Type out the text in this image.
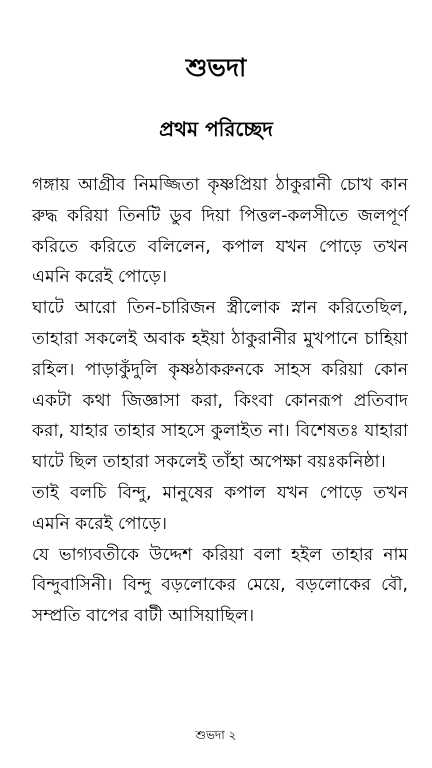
শুভদা
প্রথম পরিচ্ছেদ

গঙ্গায় আগ্রীব নিমজ্জিতা কৃষ্ণপ্রিয়া ঠাকুরানী চোখ কান রুদ্ধ করিয়া তিনটি ডুব দিয়া পিত্তল-কলসীতে জলপূর্ণ করিতে করিতে বলিলেন, কপাল যখন পোড়ে তখন এমনি করেই পোড়ে।

ঘাটে আরো তিন-চারিজন স্ত্রীলোক স্নান করিতেছিল, তাহারা সকলেই অবাক হইয়া ঠাকুরানীর মুখপানে চাহিয়া রহিল। পাড়াকুঁদুলি কৃষ্ণঠাকরুনকে সাহস করিয়া কোন একটা কথা জিজ্ঞাসা করা, কিংবা কোনরূপ প্রতিবাদ করা, যাহার তাহার সাহসে কুলাইত না। বিশেষতঃ যাহারা ঘাটে ছিল তাহারা সকলেই তাঁহা অপেক্ষা বয়ঃকনিষ্ঠা।

তাই বলচি বিন্দু, মানুষের কপাল যখন পোড়ে তখন এমনি করেই পোড়ে।

যে ভাগ্যবতীকে উদ্দেশ করিয়া বলা হইল তাহার নাম বিন্দুবাসিনী। বিন্দু বড়লোকের মেয়ে, বড়লোকের বৌ, সম্প্রতি বাপের বাটী আসিয়াছিল।

শুভদা ২
